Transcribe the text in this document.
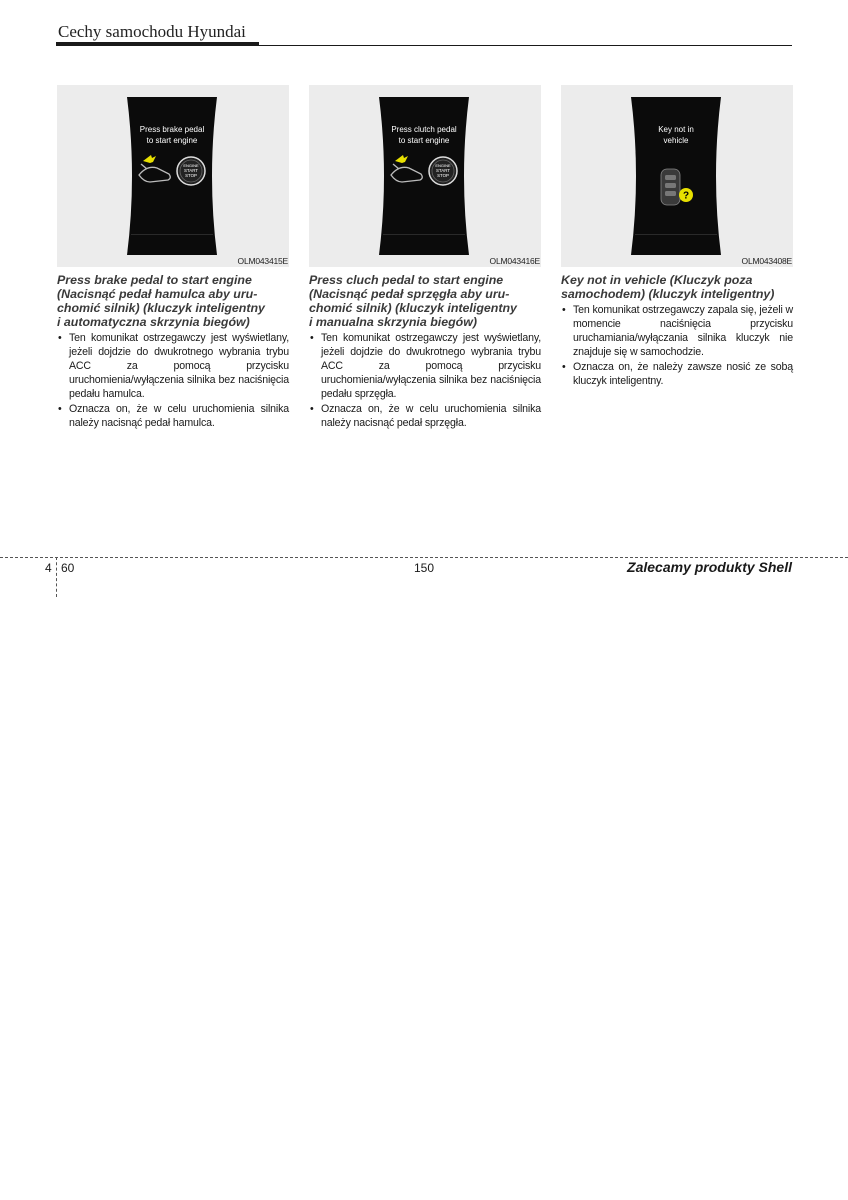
Cechy samochodu Hyundai
Press brake pedal
to start engine
ENGINE
START
STOP
OLM043415E
Press brake pedal to start engine
(Nacisnąć pedał hamulca aby uru-
chomić silnik) (kluczyk inteligentny
i automatyczna skrzynia biegów)
• Ten komunikat ostrzegawczy jest wyświetlany, jeżeli dojdzie do dwukrotnego wybrania trybu ACC za pomocą przycisku uruchomienia/wyłączenia silnika bez naciśnięcia pedału hamulca.
• Oznacza on, że w celu uruchomienia silnika należy nacisnąć pedał hamulca.
Press clutch pedal
to start engine
ENGINE
START
STOP
OLM043416E
Press cluch pedal to start engine
(Nacisnąć pedał sprzęgła aby uru-
chomić silnik) (kluczyk inteligentny
i manualna skrzynia biegów)
• Ten komunikat ostrzegawczy jest wyświetlany, jeżeli dojdzie do dwukrotnego wybrania trybu ACC za pomocą przycisku uruchomienia/wyłączenia silnika bez naciśnięcia pedału sprzęgła.
• Oznacza on, że w celu uruchomienia silnika należy nacisnąć pedał sprzęgła.
Key not in
vehicle
?
OLM043408E
Key not in vehicle (Kluczyk poza
samochodem) (kluczyk inteligentny)
• Ten komunikat ostrzegawczy zapala się, jeżeli w momencie naciśnięcia przycisku uruchamiania/wyłączania silnika kluczyk nie znajduje się w samochodzie.
• Oznacza on, że należy zawsze nosić ze sobą kluczyk inteligentny.
4 60	150	Zalecamy produkty Shell
